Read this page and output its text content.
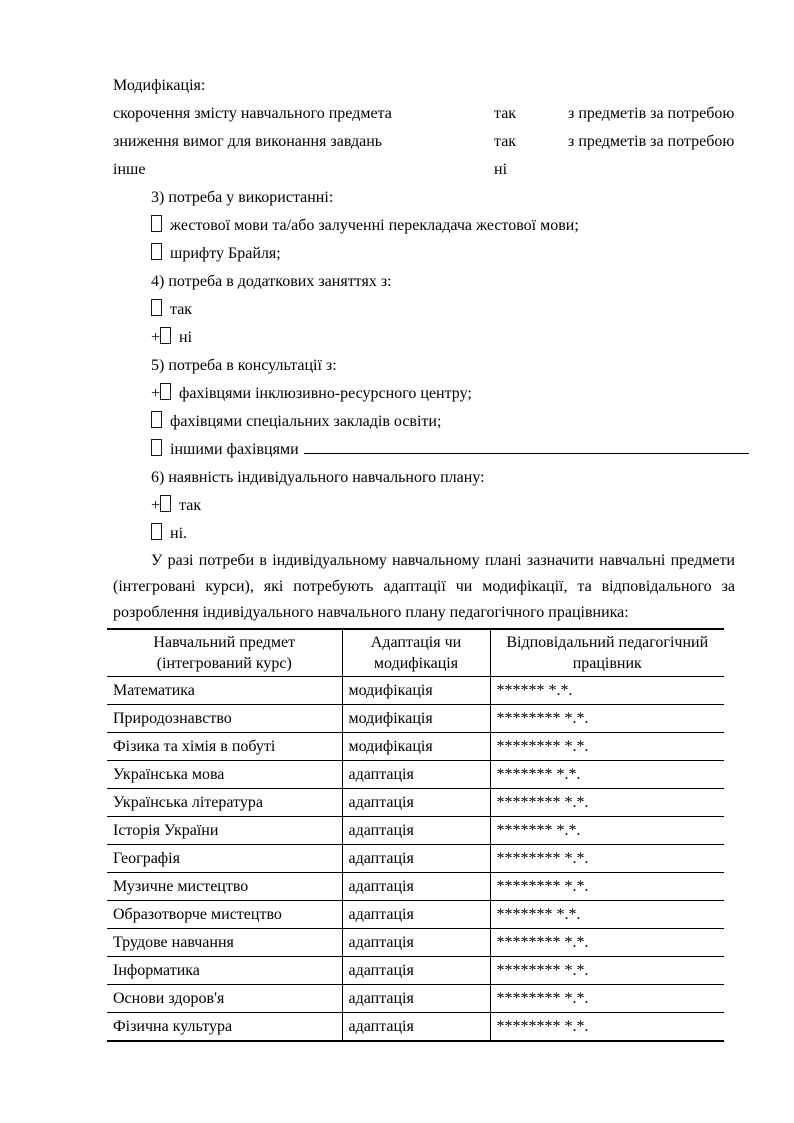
Модифікація:
скорочення змісту навчального предмета	так	з предметів за потребою
зниження вимог для виконання завдань	так	з предметів за потребою
інше	ні
3) потреба у використанні:
жестової мови та/або залученні перекладача жестової мови;
шрифту Брайля;
4) потреба в додаткових заняттях з:
так
+ ні
5) потреба в консультації з:
+ фахівцями інклюзивно-ресурсного центру;
фахівцями спеціальних закладів освіти;
іншими фахівцями
6) наявність індивідуального навчального плану:
+ так
ні.

У разі потреби в індивідуальному навчальному плані зазначити навчальні предмети (інтегровані курси), які потребують адаптації чи модифікації, та відповідального за розроблення індивідуального навчального плану педагогічного працівника:

Навчальний предмет (інтегрований курс)	Адаптація чи модифікація	Відповідальний педагогічний працівник
Математика	модифікація	****** *.*.
Природознавство	модифікація	******** *.*.
Фізика та хімія в побуті	модифікація	******** *.*.
Українська мова	адаптація	******* *.*.
Українська література	адаптація	******** *.*.
Історія України	адаптація	******* *.*.
Географія	адаптація	******** *.*.
Музичне мистецтво	адаптація	******** *.*.
Образотворче мистецтво	адаптація	******* *.*.
Трудове навчання	адаптація	******** *.*.
Інформатика	адаптація	******** *.*.
Основи здоров'я	адаптація	******** *.*.
Фізична культура	адаптація	******** *.*.
